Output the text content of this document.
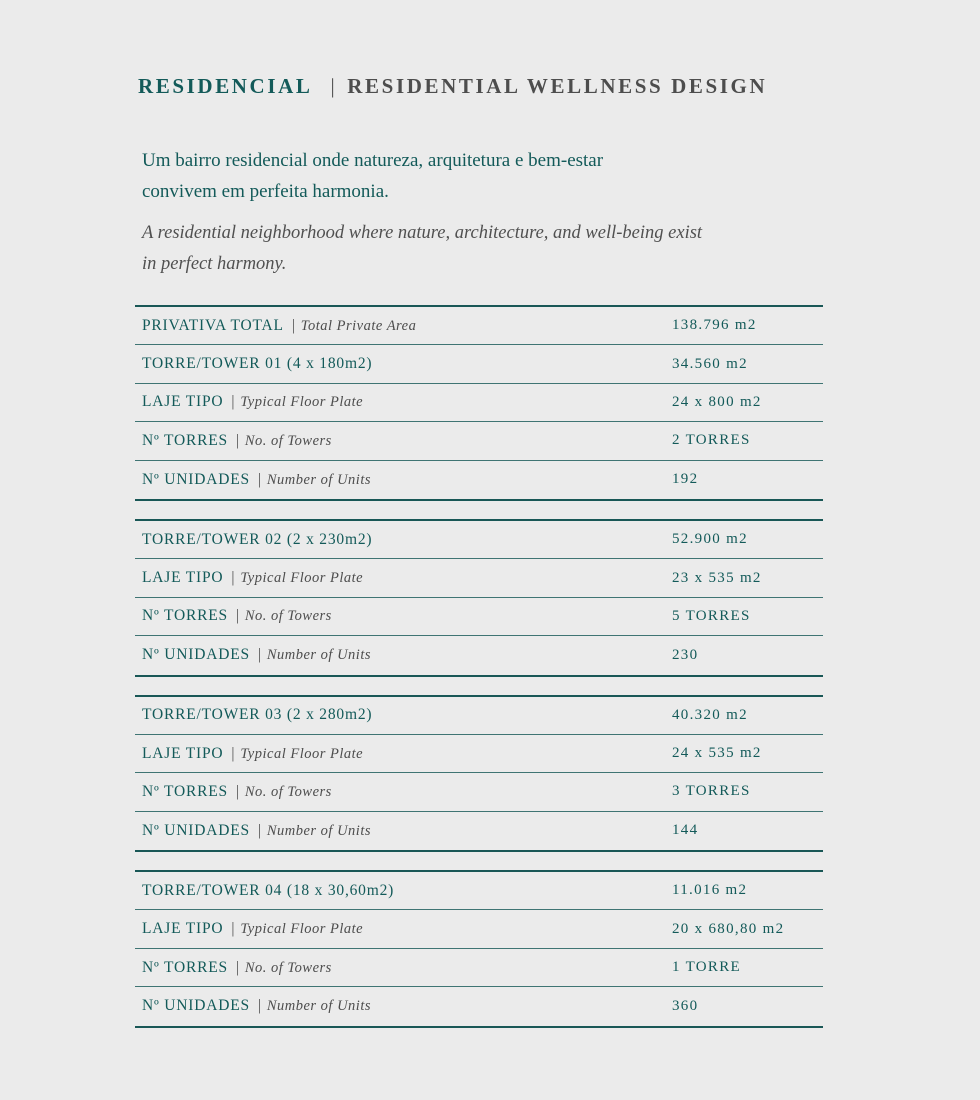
RESIDENCIAL | RESIDENTIAL WELLNESS DESIGN
Um bairro residencial onde natureza, arquitetura e bem-estar
convivem em perfeita harmonia.
A residential neighborhood where nature, architecture, and well-being exist
in perfect harmony.
PRIVATIVA TOTAL | Total Private Area	138.796 m2
TORRE/TOWER 01 (4 x 180m2)	34.560 m2
LAJE TIPO | Typical Floor Plate	24 x 800 m2
Nº TORRES | No. of Towers	2 TORRES
Nº UNIDADES | Number of Units	192
TORRE/TOWER 02 (2 x 230m2)	52.900 m2
LAJE TIPO | Typical Floor Plate	23 x 535 m2
Nº TORRES | No. of Towers	5 TORRES
Nº UNIDADES | Number of Units	230
TORRE/TOWER 03 (2 x 280m2)	40.320 m2
LAJE TIPO | Typical Floor Plate	24 x 535 m2
Nº TORRES | No. of Towers	3 TORRES
Nº UNIDADES | Number of Units	144
TORRE/TOWER 04 (18 x 30,60m2)	11.016 m2
LAJE TIPO | Typical Floor Plate	20 x 680,80 m2
Nº TORRES | No. of Towers	1 TORRE
Nº UNIDADES | Number of Units	360
